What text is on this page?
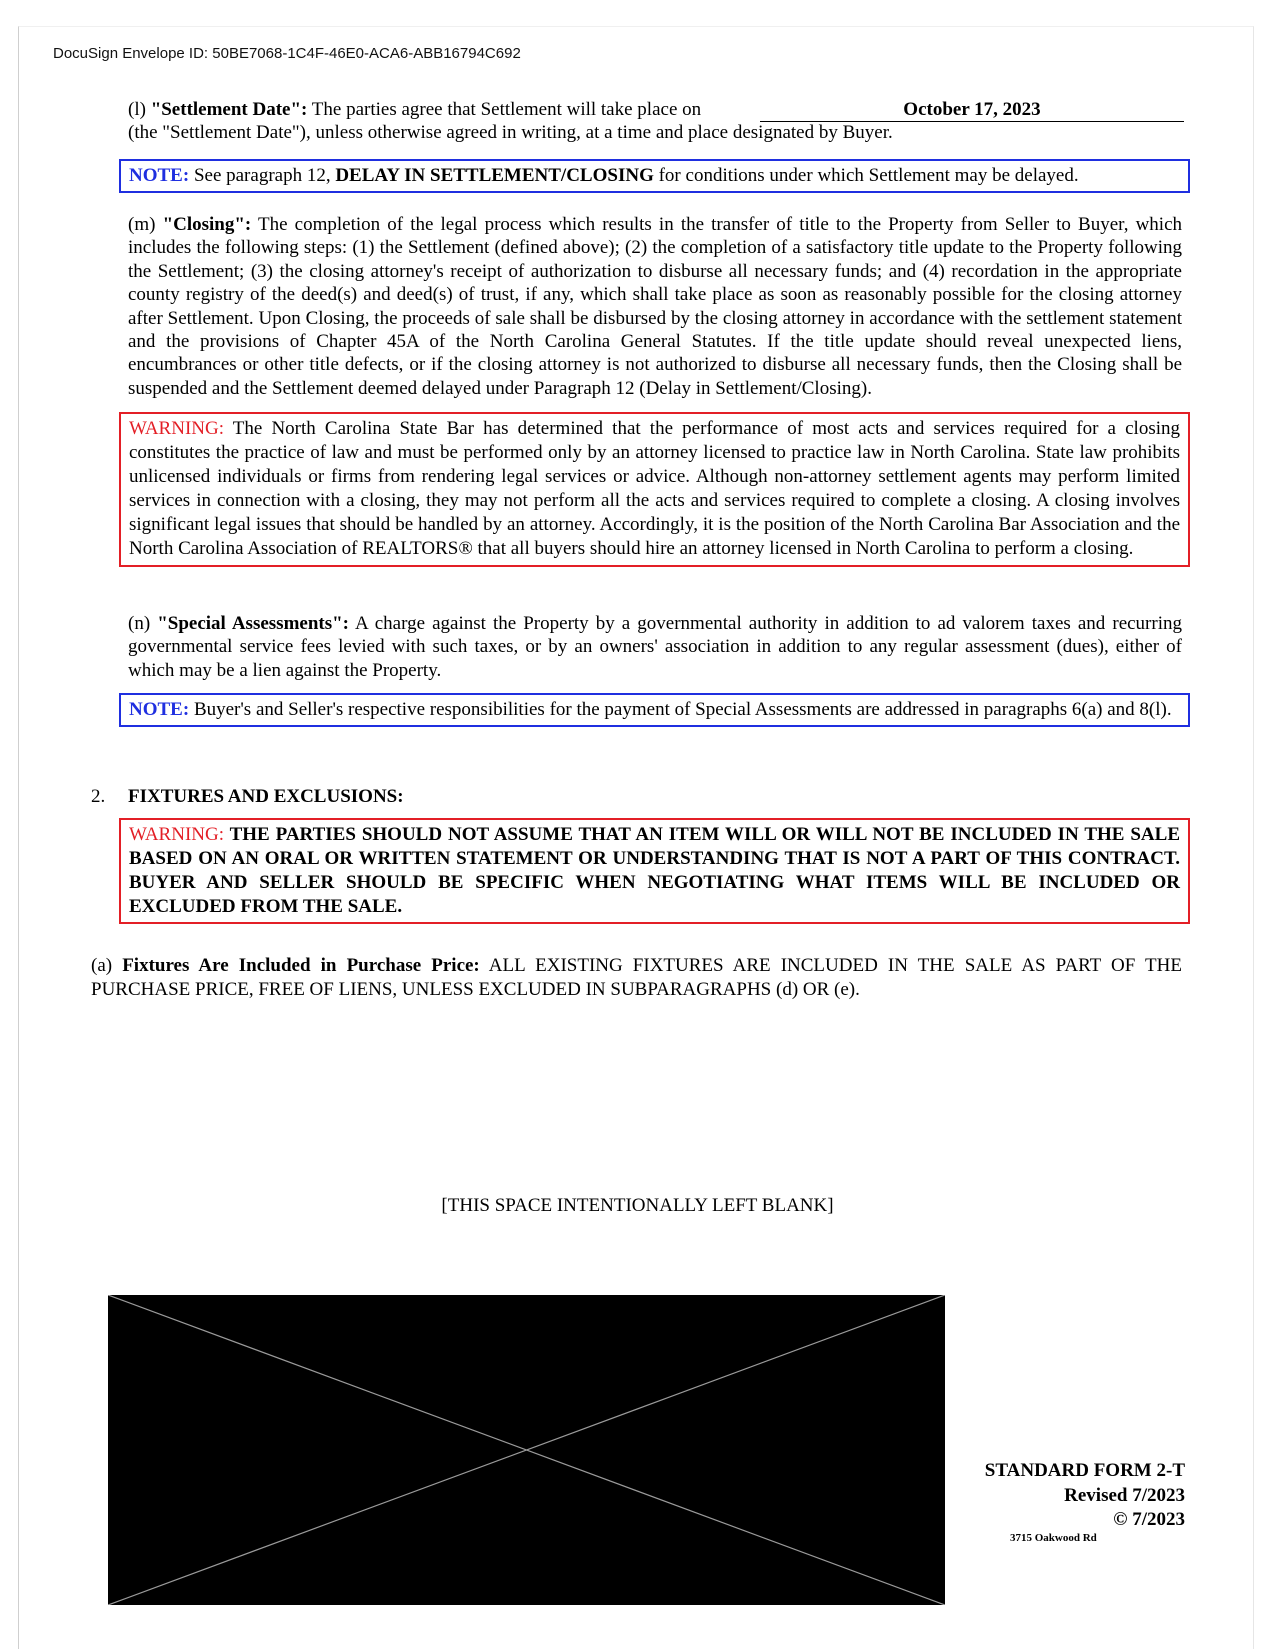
DocuSign Envelope ID: 50BE7068-1C4F-46E0-ACA6-ABB16794C692
(l) "Settlement Date": The parties agree that Settlement will take place on
(the "Settlement Date"), unless otherwise agreed in writing, at a time and place designated by Buyer.
October 17, 2023
NOTE: See paragraph 12, DELAY IN SETTLEMENT/CLOSING for conditions under which Settlement may be delayed.
(m) "Closing": The completion of the legal process which results in the transfer of title to the Property from Seller to Buyer, which includes the following steps: (1) the Settlement (defined above); (2) the completion of a satisfactory title update to the Property following the Settlement; (3) the closing attorney's receipt of authorization to disburse all necessary funds; and (4) recordation in the appropriate county registry of the deed(s) and deed(s) of trust, if any, which shall take place as soon as reasonably possible for the closing attorney after Settlement. Upon Closing, the proceeds of sale shall be disbursed by the closing attorney in accordance with the settlement statement and the provisions of Chapter 45A of the North Carolina General Statutes. If the title update should reveal unexpected liens, encumbrances or other title defects, or if the closing attorney is not authorized to disburse all necessary funds, then the Closing shall be suspended and the Settlement deemed delayed under Paragraph 12 (Delay in Settlement/Closing).
WARNING: The North Carolina State Bar has determined that the performance of most acts and services required for a closing constitutes the practice of law and must be performed only by an attorney licensed to practice law in North Carolina. State law prohibits unlicensed individuals or firms from rendering legal services or advice. Although non-attorney settlement agents may perform limited services in connection with a closing, they may not perform all the acts and services required to complete a closing. A closing involves significant legal issues that should be handled by an attorney. Accordingly, it is the position of the North Carolina Bar Association and the North Carolina Association of REALTORS® that all buyers should hire an attorney licensed in North Carolina to perform a closing.
(n) "Special Assessments": A charge against the Property by a governmental authority in addition to ad valorem taxes and recurring governmental service fees levied with such taxes, or by an owners' association in addition to any regular assessment (dues), either of which may be a lien against the Property.
NOTE: Buyer's and Seller's respective responsibilities for the payment of Special Assessments are addressed in paragraphs 6(a) and 8(l).
2. FIXTURES AND EXCLUSIONS:
WARNING: THE PARTIES SHOULD NOT ASSUME THAT AN ITEM WILL OR WILL NOT BE INCLUDED IN THE SALE BASED ON AN ORAL OR WRITTEN STATEMENT OR UNDERSTANDING THAT IS NOT A PART OF THIS CONTRACT. BUYER AND SELLER SHOULD BE SPECIFIC WHEN NEGOTIATING WHAT ITEMS WILL BE INCLUDED OR EXCLUDED FROM THE SALE.
(a) Fixtures Are Included in Purchase Price: ALL EXISTING FIXTURES ARE INCLUDED IN THE SALE AS PART OF THE PURCHASE PRICE, FREE OF LIENS, UNLESS EXCLUDED IN SUBPARAGRAPHS (d) OR (e).
[THIS SPACE INTENTIONALLY LEFT BLANK]
STANDARD FORM 2-T
Revised 7/2023
© 7/2023
3715 Oakwood Rd
